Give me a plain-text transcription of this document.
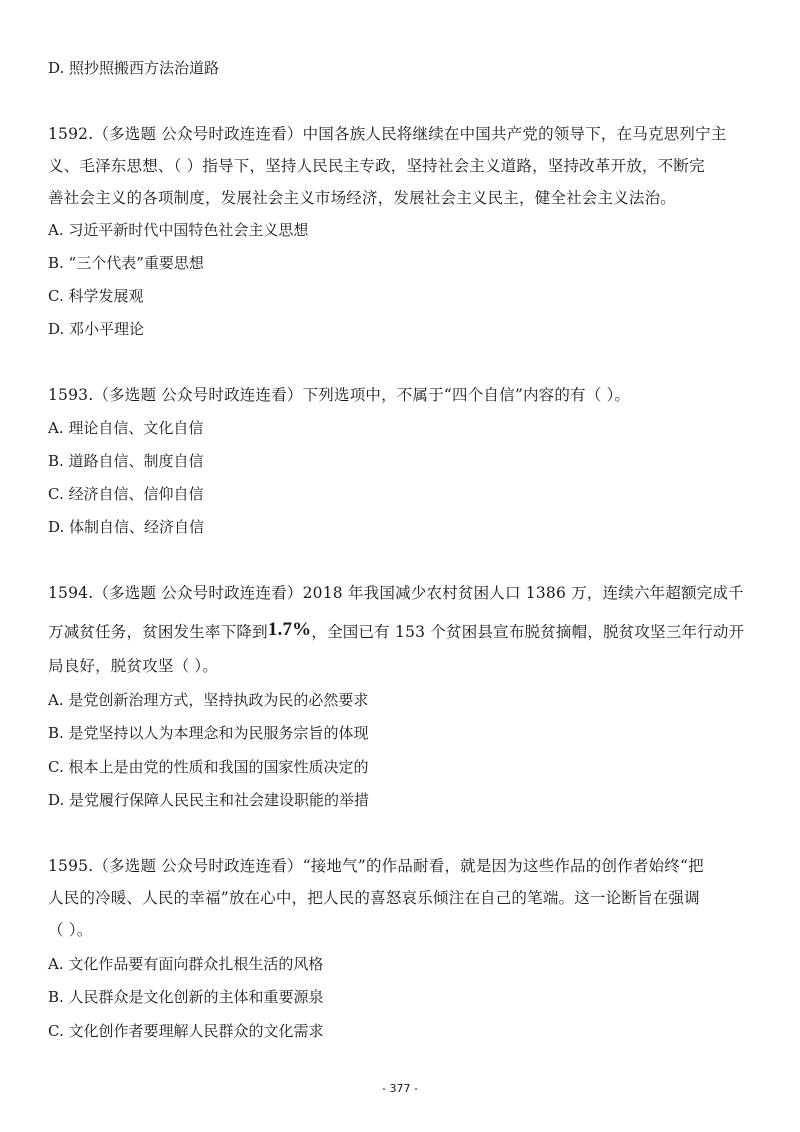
D. 照抄照搬西方法治道路
1592.（多选题 公众号时政连连看）中国各族人民将继续在中国共产党的领导下，在马克思列宁主
义、毛泽东思想、（ ）指导下，坚持人民民主专政，坚持社会主义道路，坚持改革开放，不断完
善社会主义的各项制度，发展社会主义市场经济，发展社会主义民主，健全社会主义法治。
A. 习近平新时代中国特色社会主义思想
B. “三个代表”重要思想
C. 科学发展观
D. 邓小平理论
1593.（多选题 公众号时政连连看）下列选项中，不属于“四个自信”内容的有（ ）。
A. 理论自信、文化自信
B. 道路自信、制度自信
C. 经济自信、信仰自信
D. 体制自信、经济自信
1594.（多选题 公众号时政连连看）2018 年我国减少农村贫困人口 1386 万，连续六年超额完成千
万减贫任务，贫困发生率下降到1.7%，全国已有 153 个贫困县宣布脱贫摘帽，脱贫攻坚三年行动开
局良好，脱贫攻坚（ ）。
A. 是党创新治理方式，坚持执政为民的必然要求
B. 是党坚持以人为本理念和为民服务宗旨的体现
C. 根本上是由党的性质和我国的国家性质决定的
D. 是党履行保障人民民主和社会建设职能的举措
1595.（多选题 公众号时政连连看）“接地气”的作品耐看，就是因为这些作品的创作者始终“把
人民的冷暖、人民的幸福”放在心中，把人民的喜怒哀乐倾注在自己的笔端。这一论断旨在强调
（ ）。
A. 文化作品要有面向群众扎根生活的风格
B. 人民群众是文化创新的主体和重要源泉
C. 文化创作者要理解人民群众的文化需求
- 377 -
